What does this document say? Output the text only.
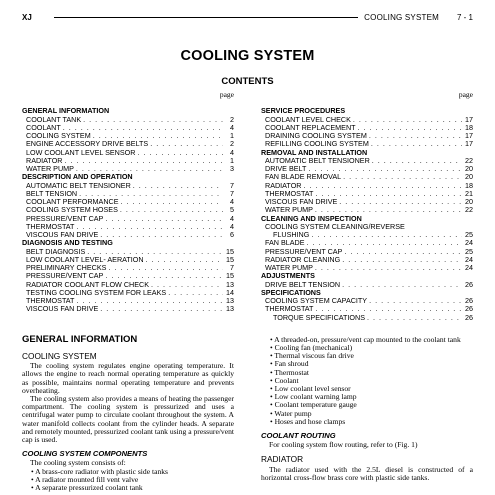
XJ	COOLING SYSTEM 7 - 1
COOLING SYSTEM
CONTENTS
page
GENERAL INFORMATION
COOLANT TANK . . .	2
COOLANT . . .	4
COOLING SYSTEM . . .	1
ENGINE ACCESSORY DRIVE BELTS . . .	2
LOW COOLANT LEVEL SENSOR . . .	4
RADIATOR . . .	1
WATER PUMP . . .	3
DESCRIPTION AND OPERATION
AUTOMATIC BELT TENSIONER . . .	7
BELT TENSION . . .	7
COOLANT PERFORMANCE . . .	4
COOLING SYSTEM HOSES . . .	5
PRESSURE/VENT CAP . . .	4
THERMOSTAT . . .	4
VISCOUS FAN DRIVE . . .	6
DIAGNOSIS AND TESTING
BELT DIAGNOSIS . . .	15
LOW COOLANT LEVEL- AERATION . . .	15
PRELIMINARY CHECKS . . .	7
PRESSURE/VENT CAP . . .	15
RADIATOR COOLANT FLOW CHECK . . .	13
TESTING COOLING SYSTEM FOR LEAKS . . .	14
THERMOSTAT . . .	13
VISCOUS FAN DRIVE . . .	13
page
SERVICE PROCEDURES
COOLANT LEVEL CHECK . . .	17
COOLANT REPLACEMENT . . .	18
DRAINING COOLING SYSTEM . . .	17
REFILLING COOLING SYSTEM . . .	17
REMOVAL AND INSTALLATION
AUTOMATIC BELT TENSIONER . . .	22
DRIVE BELT . . .	20
FAN BLADE REMOVAL . . .	20
RADIATOR . . .	18
THERMOSTAT . . .	21
VISCOUS FAN DRIVE . . .	20
WATER PUMP . . .	22
CLEANING AND INSPECTION
COOLING SYSTEM CLEANING/REVERSE
FLUSHING . . .	25
FAN BLADE . . .	24
PRESSURE/VENT CAP . . .	25
RADIATOR CLEANING . . .	24
WATER PUMP . . .	24
ADJUSTMENTS
DRIVE BELT TENSION . . .	26
SPECIFICATIONS
COOLING SYSTEM CAPACITY . . .	26
THERMOSTAT . . .	26
TORQUE SPECIFICATIONS . . .	26
GENERAL INFORMATION
COOLING SYSTEM

The cooling system regulates engine operating temperature. It allows the engine to reach normal operating temperature as quickly as possible, maintains normal operating temperature and prevents overheating.

The cooling system also provides a means of heating the passenger compartment. The cooling system is pressurized and uses a centrifugal water pump to circulate coolant throughout the system. A water manifold collects coolant from the cylinder heads. A separate and remotely mounted, pressurized coolant tank using a pressure/vent cap is used.

COOLING SYSTEM COMPONENTS

The cooling system consists of:

• A brass-core radiator with plastic side tanks

• A radiator mounted fill vent valve

• A separate pressurized coolant tank

• A threaded-on, pressure/vent cap mounted to the coolant tank

• Cooling fan (mechanical)

• Thermal viscous fan drive

• Fan shroud

• Thermostat

• Coolant

• Low coolant level sensor

• Low coolant warning lamp

• Coolant temperature gauge

• Water pump

• Hoses and hose clamps

COOLANT ROUTING

For cooling system flow routing, refer to (Fig. 1)

RADIATOR

The radiator used with the 2.5L diesel is constructed of a horizontal cross-flow brass core with plastic side tanks.
